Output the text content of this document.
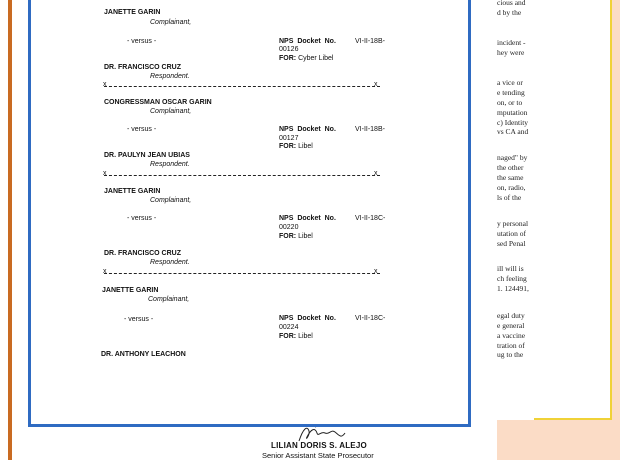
cious and
d by the
incident -
hey were
a vice or
e tending
on, or to
mputation
c) Identity
vs CA and
naged" by
the other
the same
on, radio,
ls of the
y personal
utation of
sed Penal
ill will is
ch feeling
1. 124491,
egal duty
e general
a vaccine
tration of
ug to the
LILIAN DORIS S. ALEJO
Senior Assistant State Prosecutor
JANETTE GARIN
Complainant,
- versus -	NPS Docket No.	VI-II-18B-
00126
FOR: Cyber Libel
DR. FRANCISCO CRUZ
Respondent.
x	x
CONGRESSMAN OSCAR GARIN
Complainant,
- versus -	NPS Docket No.	VI-II-18B-
00127
FOR: Libel
DR. PAULYN JEAN UBIAS
Respondent.
x	x
JANETTE GARIN
Complainant,
- versus -	NPS Docket No.	VI-II-18C-
00220
FOR: Libel
DR. FRANCISCO CRUZ
Respondent.
x	x
JANETTE GARIN
Complainant,
- versus -	NPS Docket No.	VI-II-18C-
00224
FOR: Libel
DR. ANTHONY LEACHON
